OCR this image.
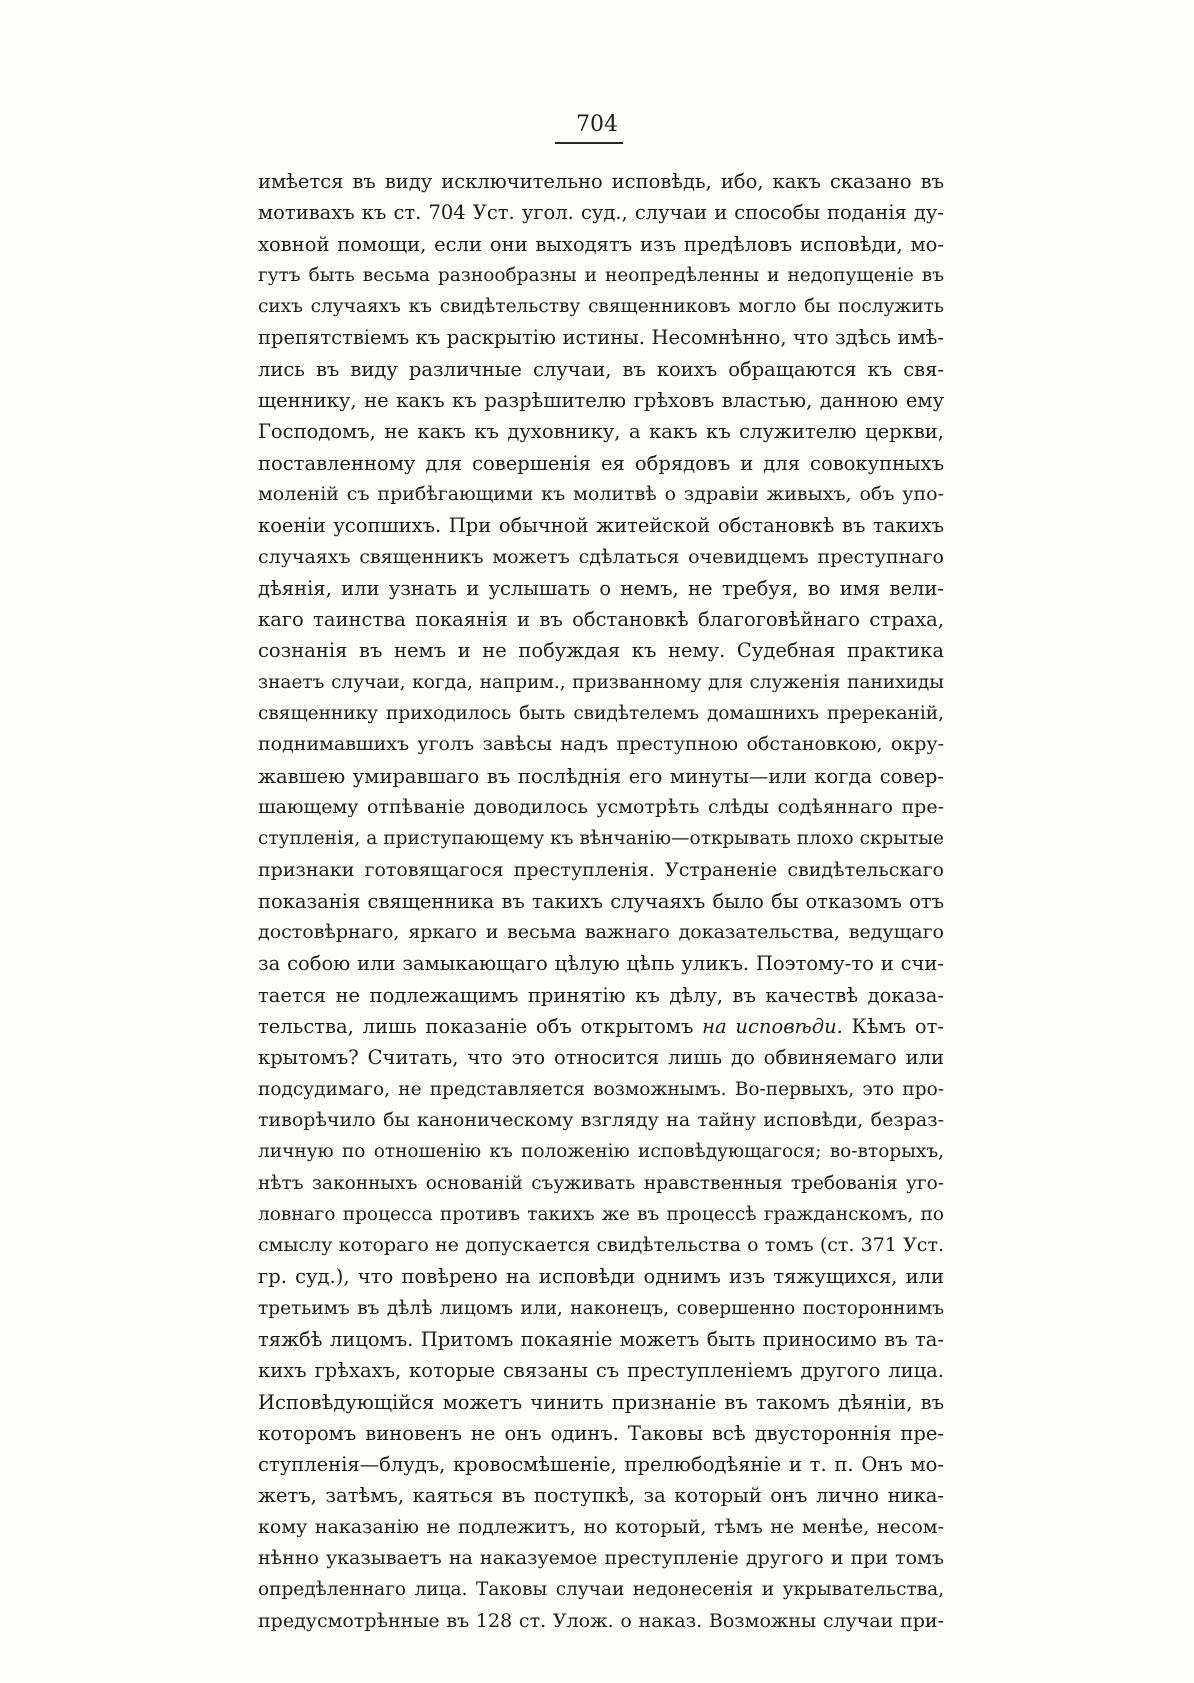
704
имѣется въ виду исключительно исповѣдь, ибо, какъ сказано въ
мотивахъ къ ст. 704 Уст. угол. суд., случаи и способы поданія ду-
ховной помощи, если они выходятъ изъ предѣловъ исповѣди, мо-
гутъ быть весьма разнообразны и неопредѣленны и недопущеніе въ
сихъ случаяхъ къ свидѣтельству священниковъ могло бы послужить
препятствіемъ къ раскрытію истины. Несомнѣнно, что здѣсь имѣ-
лись въ виду различные случаи, въ коихъ обращаются къ свя-
щеннику, не какъ къ разрѣшителю грѣховъ властью, данною ему
Господомъ, не какъ къ духовнику, а какъ къ служителю церкви,
поставленному для совершенія ея обрядовъ и для совокупныхъ
моленій съ прибѣгающими къ молитвѣ о здравіи живыхъ, объ упо-
коеніи усопшихъ. При обычной житейской обстановкѣ въ такихъ
случаяхъ священникъ можетъ сдѣлаться очевидцемъ преступнаго
дѣянія, или узнать и услышать о немъ, не требуя, во имя вели-
каго таинства покаянія и въ обстановкѣ благоговѣйнаго страха,
сознанія въ немъ и не побуждая къ нему. Судебная практика
знаетъ случаи, когда, наприм., призванному для служенія панихиды
священнику приходилось быть свидѣтелемъ домашнихъ пререканій,
поднимавшихъ уголъ завѣсы надъ преступною обстановкою, окру-
жавшею умиравшаго въ послѣднія его минуты—или когда совер-
шающему отпѣваніе доводилось усмотрѣть слѣды содѣяннаго пре-
ступленія, а приступающему къ вѣнчанію—открывать плохо скрытые
признаки готовящагося преступленія. Устраненіе свидѣтельскаго
показанія священника въ такихъ случаяхъ было бы отказомъ отъ
достовѣрнаго, яркаго и весьма важнаго доказательства, ведущаго
за собою или замыкающаго цѣлую цѣпь уликъ. Поэтому-то и счи-
тается не подлежащимъ принятію къ дѣлу, въ качествѣ доказа-
тельства, лишь показаніе объ открытомъ на исповѣди. Кѣмъ от-
крытомъ? Считать, что это относится лишь до обвиняемаго или
подсудимаго, не представляется возможнымъ. Во-первыхъ, это про-
тиворѣчило бы каноническому взгляду на тайну исповѣди, безраз-
личную по отношенію къ положенію исповѣдующагося; во-вторыхъ,
нѣтъ законныхъ основаній съуживать нравственныя требованія уго-
ловнаго процесса противъ такихъ же въ процессѣ гражданскомъ, по
смыслу котораго не допускается свидѣтельства о томъ (ст. 371 Уст.
гр. суд.), что повѣрено на исповѣди однимъ изъ тяжущихся, или
третьимъ въ дѣлѣ лицомъ или, наконецъ, совершенно постороннимъ
тяжбѣ лицомъ. Притомъ покаяніе можетъ быть приносимо въ та-
кихъ грѣхахъ, которые связаны съ преступленіемъ другого лица.
Исповѣдующійся можетъ чинить признаніе въ такомъ дѣяніи, въ
которомъ виновенъ не онъ одинъ. Таковы всѣ двустороннія пре-
ступленія—блудъ, кровосмѣшеніе, прелюбодѣяніе и т. п. Онъ мо-
жетъ, затѣмъ, каяться въ поступкѣ, за который онъ лично ника-
кому наказанію не подлежитъ, но который, тѣмъ не менѣе, несом-
нѣнно указываетъ на наказуемое преступленіе другого и при томъ
опредѣленнаго лица. Таковы случаи недонесенія и укрывательства,
предусмотрѣнные въ 128 ст. Улож. о наказ. Возможны случаи при-
